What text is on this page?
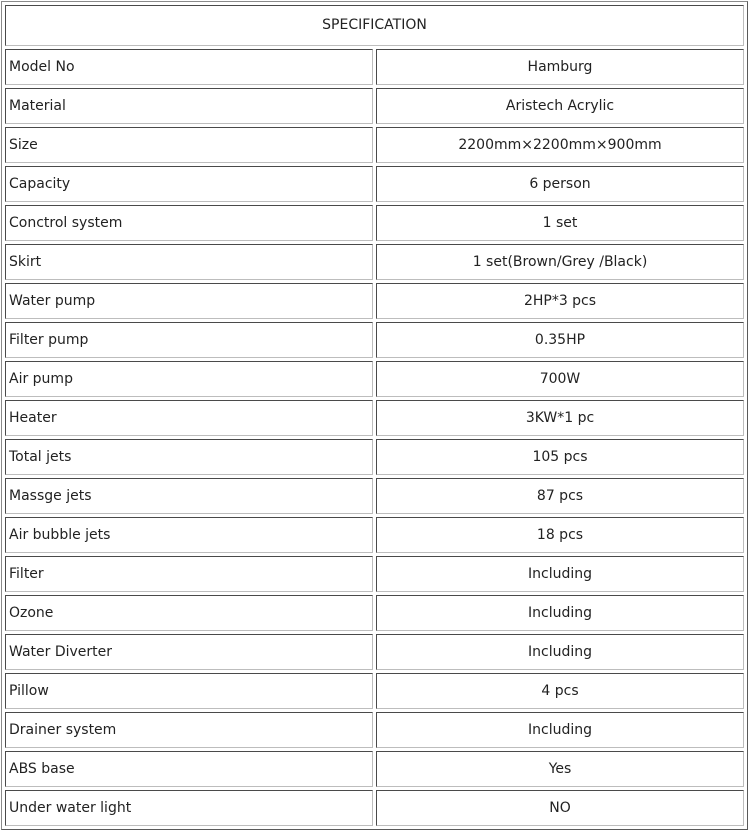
SPECIFICATION	
Model No	Hamburg
Material	Aristech Acrylic
Size	2200mm×2200mm×900mm
Capacity	6 person
Conctrol system	1 set
Skirt	1 set(Brown/Grey /Black)
Water pump	2HP*3 pcs
Filter pump	0.35HP
Air pump	700W
Heater	3KW*1 pc
Total jets	105 pcs
Massge jets	87 pcs
Air bubble jets	18 pcs
Filter	Including
Ozone	Including
Water Diverter	Including
Pillow	4 pcs
Drainer system	Including
ABS base	Yes
Under water light	NO
